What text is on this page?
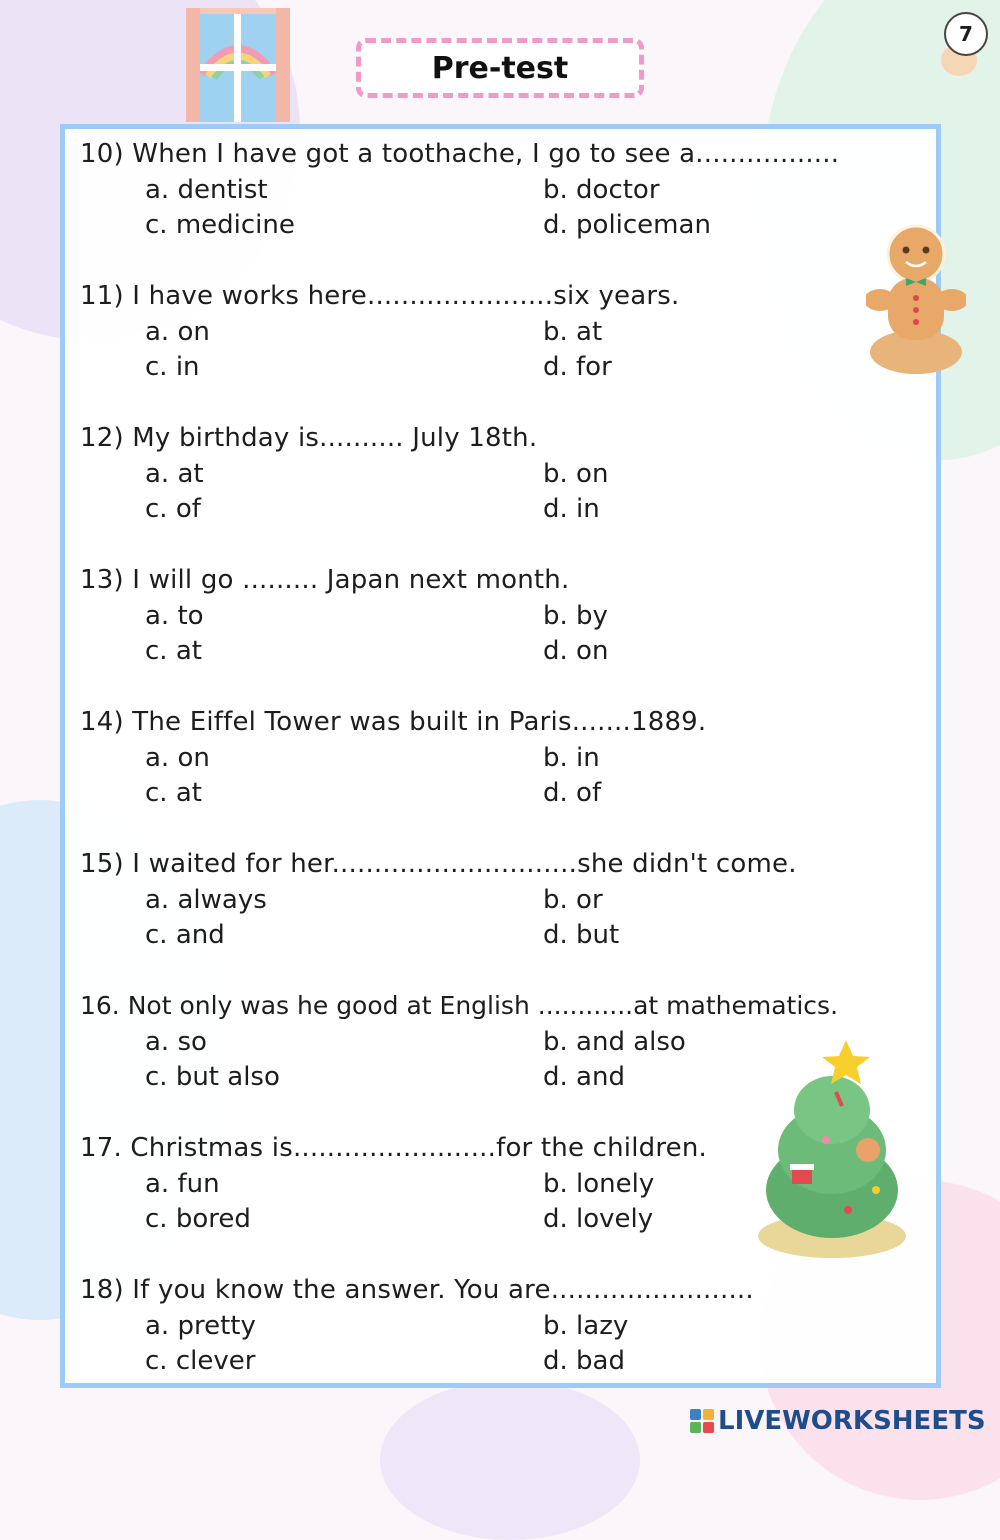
Pre-test
7
10) When I have got a toothache, I go to see a.................
a. dentist	b. doctor
c. medicine	d. policeman
11) I have works here......................six years.
a. on	b. at
c. in	d. for
12) My birthday is.......... July 18th.
a. at	b. on
c. of	d. in
13) I will go ......... Japan next month.
a. to	b. by
c. at	d. on
14) The Eiffel Tower was built in Paris.......1889.
a. on	b. in
c. at	d. of
15) I waited for her.............................she didn't come.
a. always	b. or
c. and	d. but
16. Not only was he good at English ............at mathematics.
a. so	b. and also
c. but also	d. and
17. Christmas is........................for the children.
a. fun	b. lonely
c. bored	d. lovely
18) If you know the answer. You are........................
a. pretty	b. lazy
c. clever	d. bad
LIVEWORKSHEETS
